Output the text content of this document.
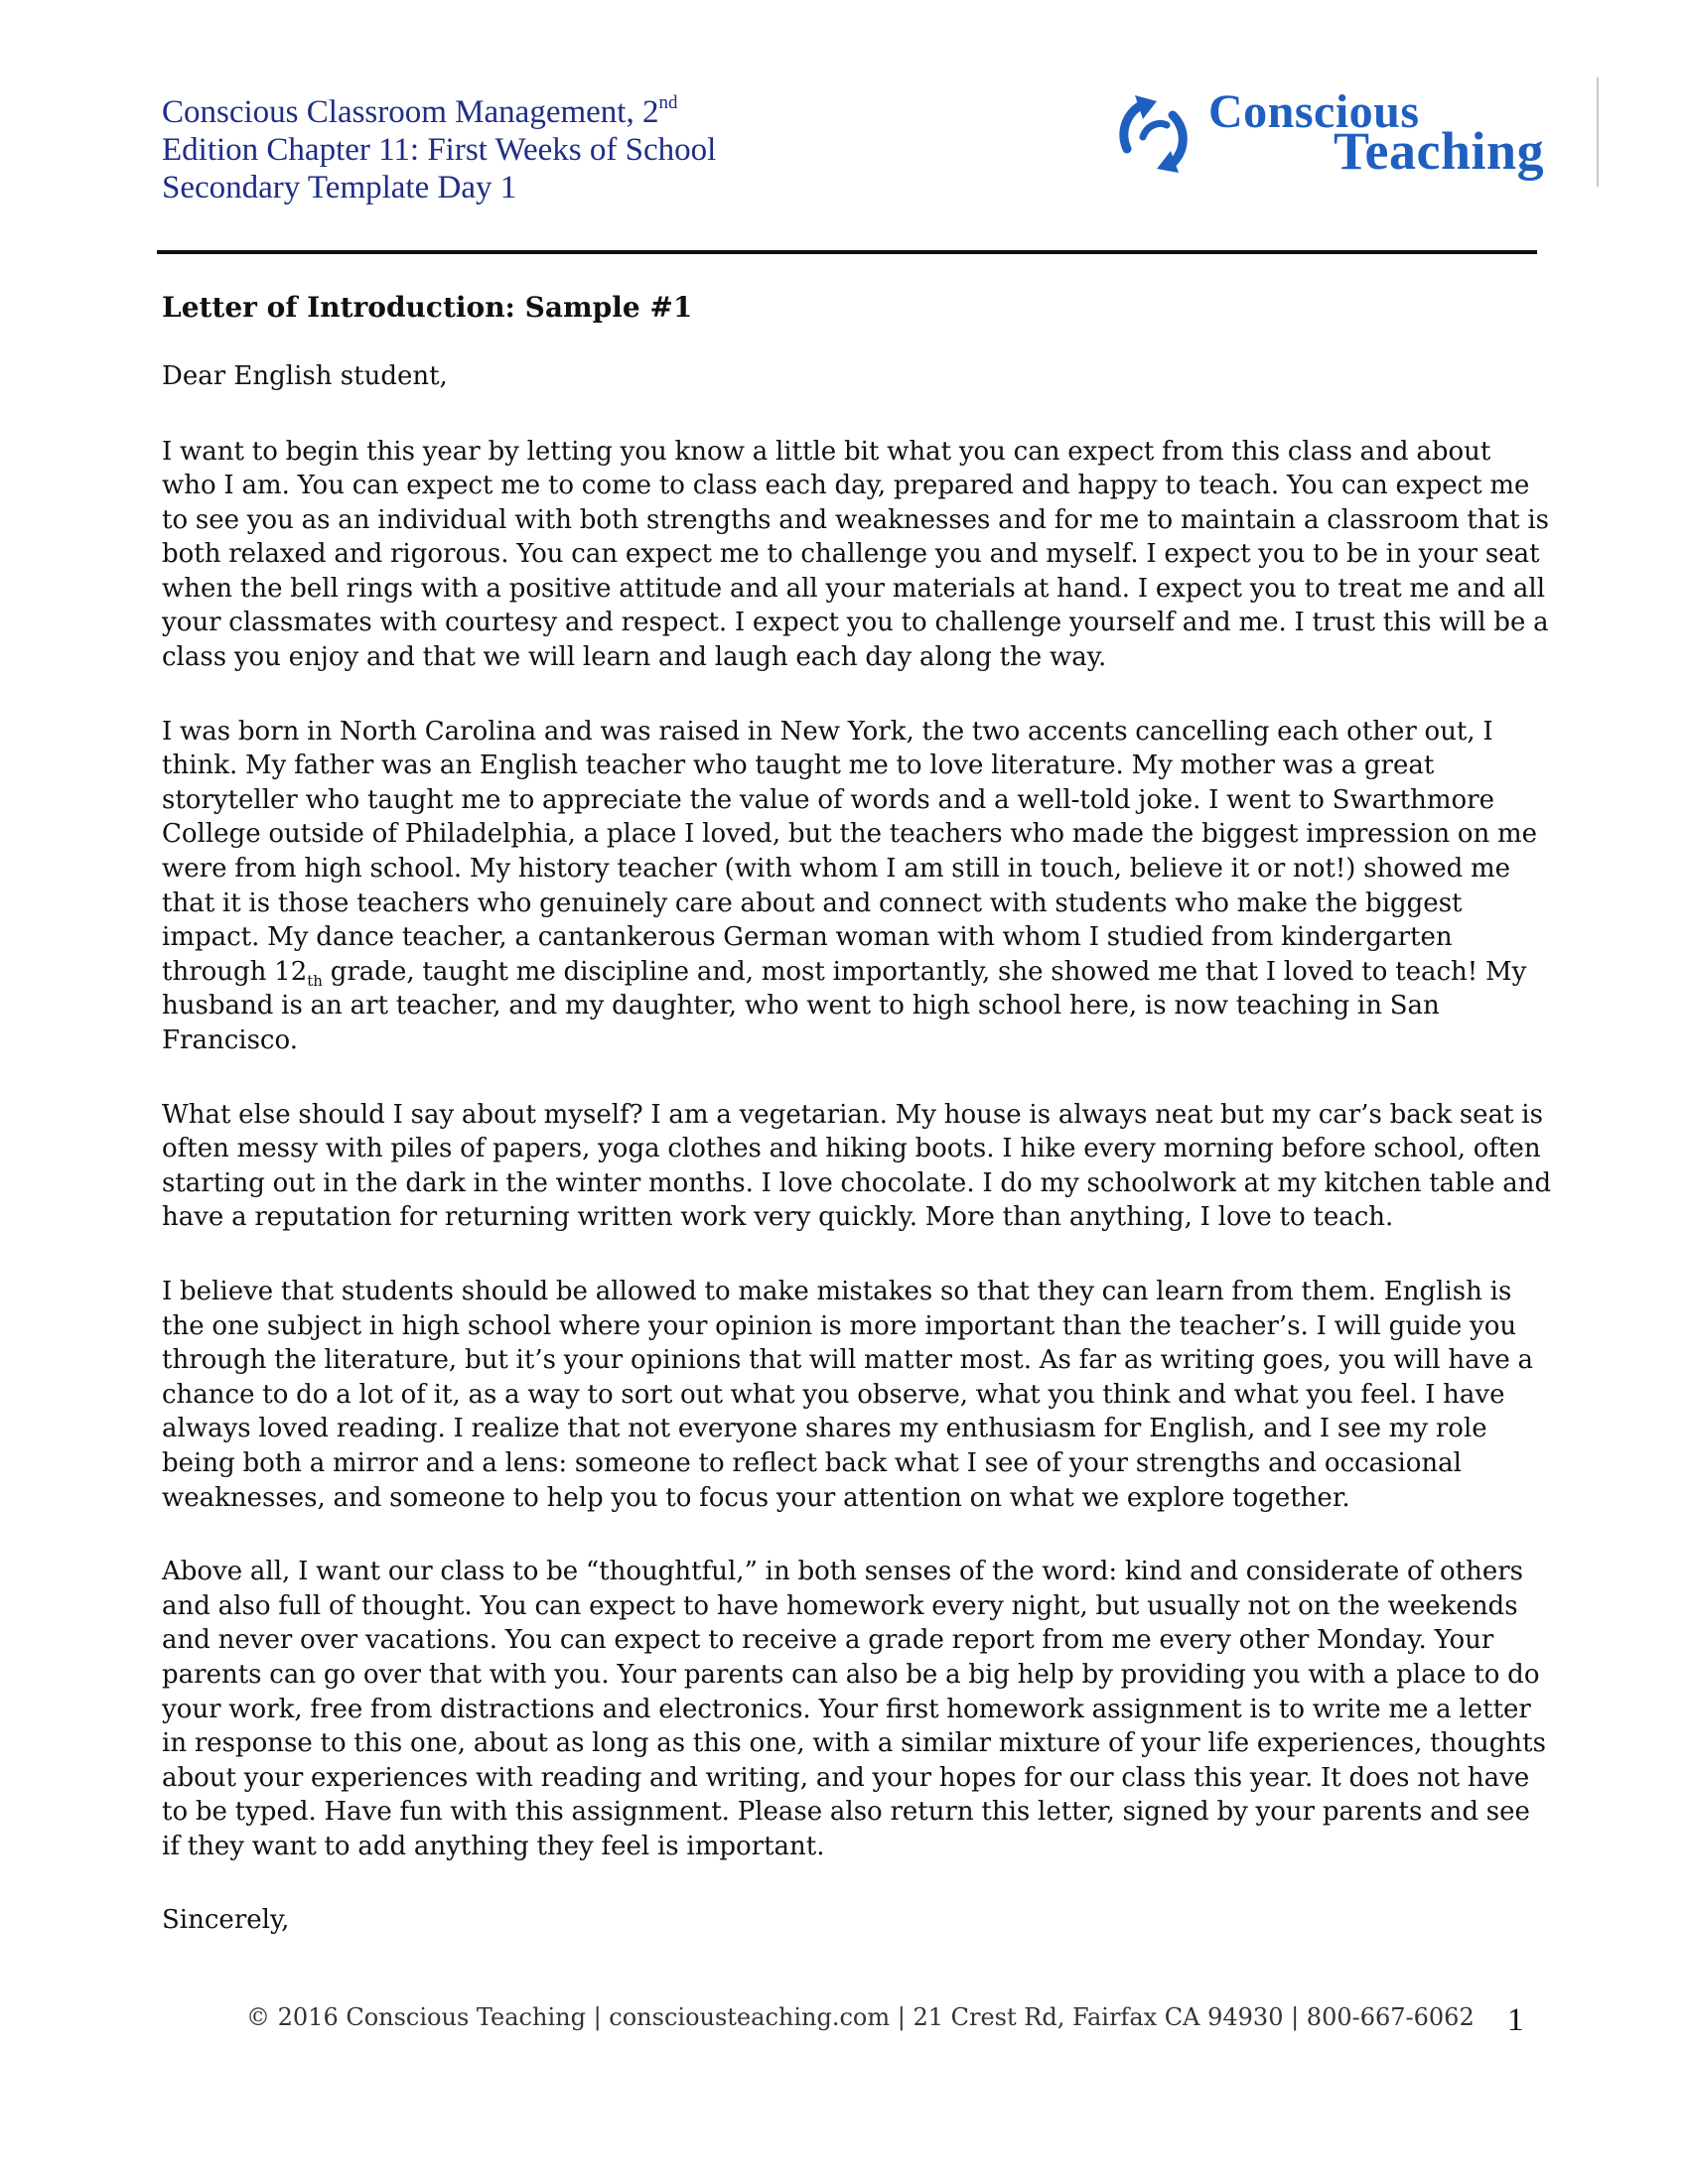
Conscious Classroom Management, 2nd
Edition Chapter 11: First Weeks of School
Secondary Template Day 1
Conscious
Teaching
Letter of Introduction: Sample #1

Dear English student,

I want to begin this year by letting you know a little bit what you can expect from this class and about who I am. You can expect me to come to class each day, prepared and happy to teach. You can expect me to see you as an individual with both strengths and weaknesses and for me to maintain a classroom that is both relaxed and rigorous. You can expect me to challenge you and myself. I expect you to be in your seat when the bell rings with a positive attitude and all your materials at hand. I expect you to treat me and all your classmates with courtesy and respect. I expect you to challenge yourself and me. I trust this will be a class you enjoy and that we will learn and laugh each day along the way.

I was born in North Carolina and was raised in New York, the two accents cancelling each other out, I think. My father was an English teacher who taught me to love literature. My mother was a great storyteller who taught me to appreciate the value of words and a well-told joke. I went to Swarthmore College outside of Philadelphia, a place I loved, but the teachers who made the biggest impression on me were from high school. My history teacher (with whom I am still in touch, believe it or not!) showed me that it is those teachers who genuinely care about and connect with students who make the biggest impact. My dance teacher, a cantankerous German woman with whom I studied from kindergarten through $12_{th}$ grade, taught me discipline and, most importantly, she showed me that I loved to teach! My husband is an art teacher, and my daughter, who went to high school here, is now teaching in San Francisco.

What else should I say about myself? I am a vegetarian. My house is always neat but my car’s back seat is often messy with piles of papers, yoga clothes and hiking boots. I hike every morning before school, often starting out in the dark in the winter months. I love chocolate. I do my schoolwork at my kitchen table and have a reputation for returning written work very quickly. More than anything, I love to teach.

I believe that students should be allowed to make mistakes so that they can learn from them. English is the one subject in high school where your opinion is more important than the teacher’s. I will guide you through the literature, but it’s your opinions that will matter most. As far as writing goes, you will have a chance to do a lot of it, as a way to sort out what you observe, what you think and what you feel. I have always loved reading. I realize that not everyone shares my enthusiasm for English, and I see my role being both a mirror and a lens: someone to reflect back what I see of your strengths and occasional weaknesses, and someone to help you to focus your attention on what we explore together.

Above all, I want our class to be “thoughtful,” in both senses of the word: kind and considerate of others and also full of thought. You can expect to have homework every night, but usually not on the weekends and never over vacations. You can expect to receive a grade report from me every other Monday. Your parents can go over that with you. Your parents can also be a big help by providing you with a place to do your work, free from distractions and electronics. Your first homework assignment is to write me a letter in response to this one, about as long as this one, with a similar mixture of your life experiences, thoughts about your experiences with reading and writing, and your hopes for our class this year. It does not have to be typed. Have fun with this assignment. Please also return this letter, signed by your parents and see if they want to add anything they feel is important.

Sincerely,

© 2016 Conscious Teaching | consciousteaching.com | 21 Crest Rd, Fairfax CA 94930 | 800-667-6062 1
